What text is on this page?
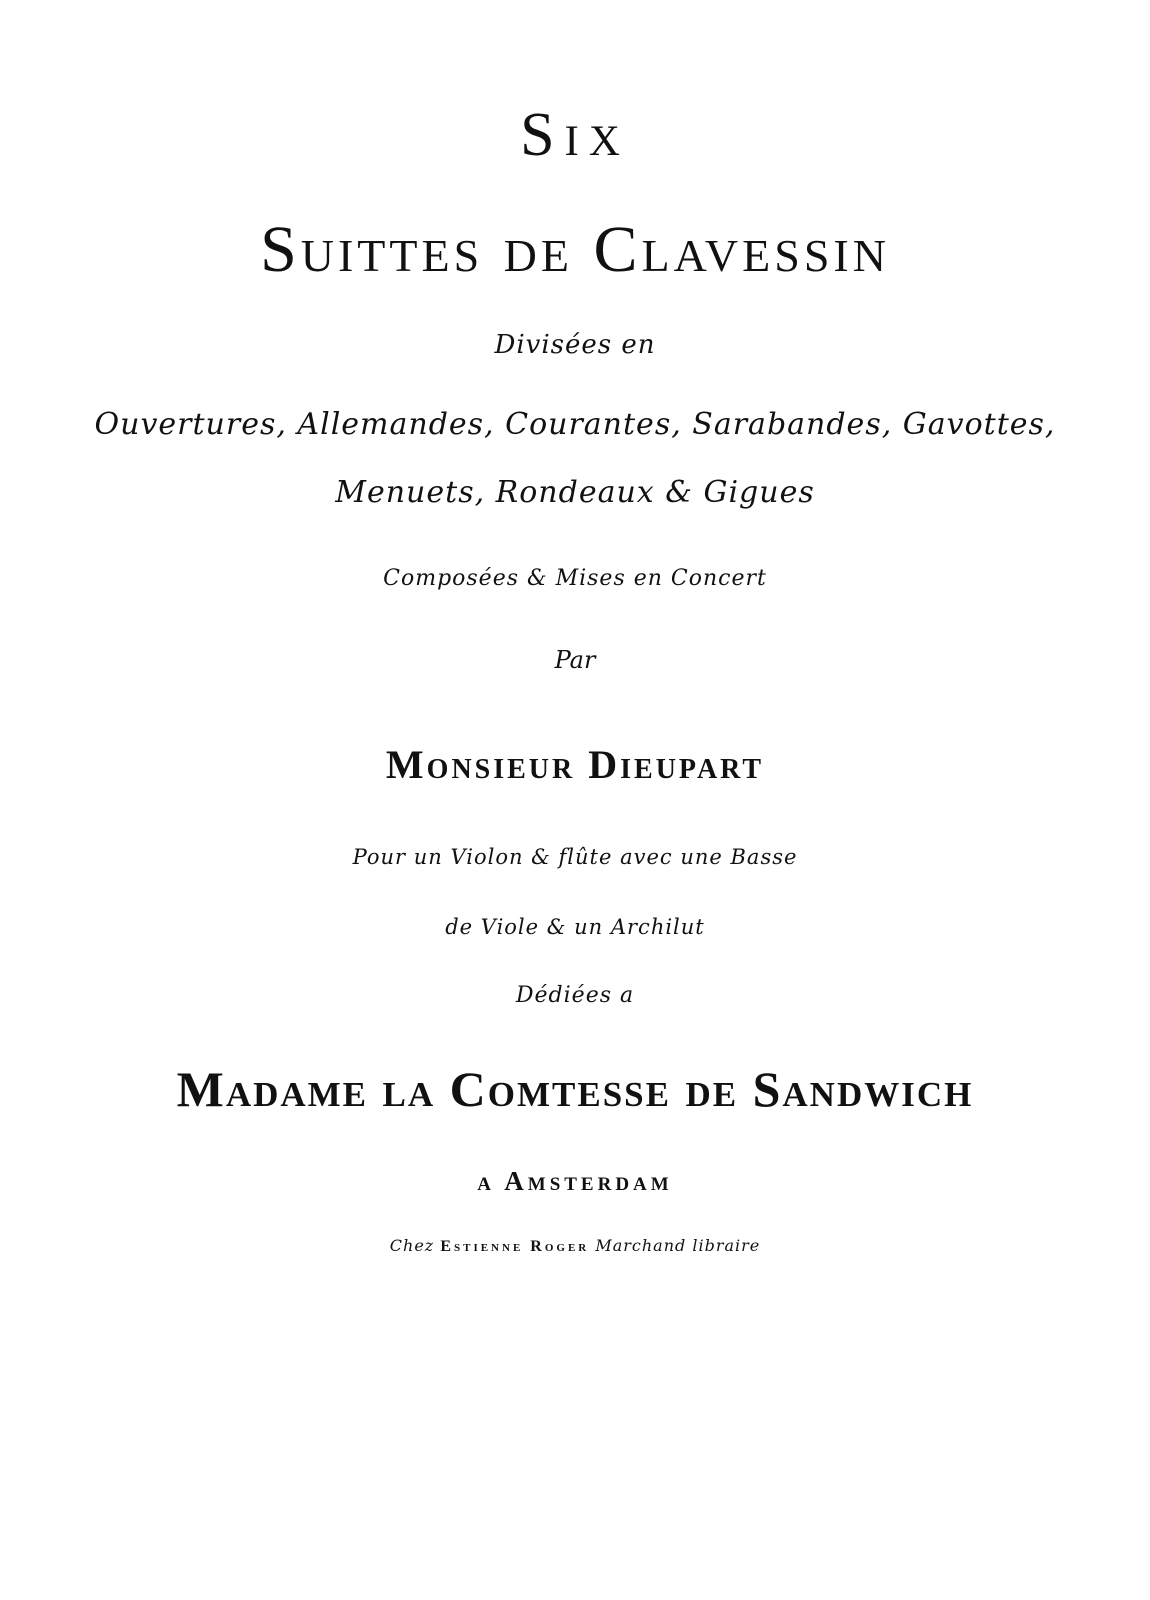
Six
Suittes de Clavessin
Divisées en
Ouvertures, Allemandes, Courantes, Sarabandes, Gavottes,
Menuets, Rondeaux & Gigues
Composées & Mises en Concert
Par
Monsieur Dieupart
Pour un Violon & flûte avec une Basse
de Viole & un Archilut
Dédiées a
Madame la Comtesse de Sandwich
a Amsterdam
Chez Estienne Roger Marchand libraire
